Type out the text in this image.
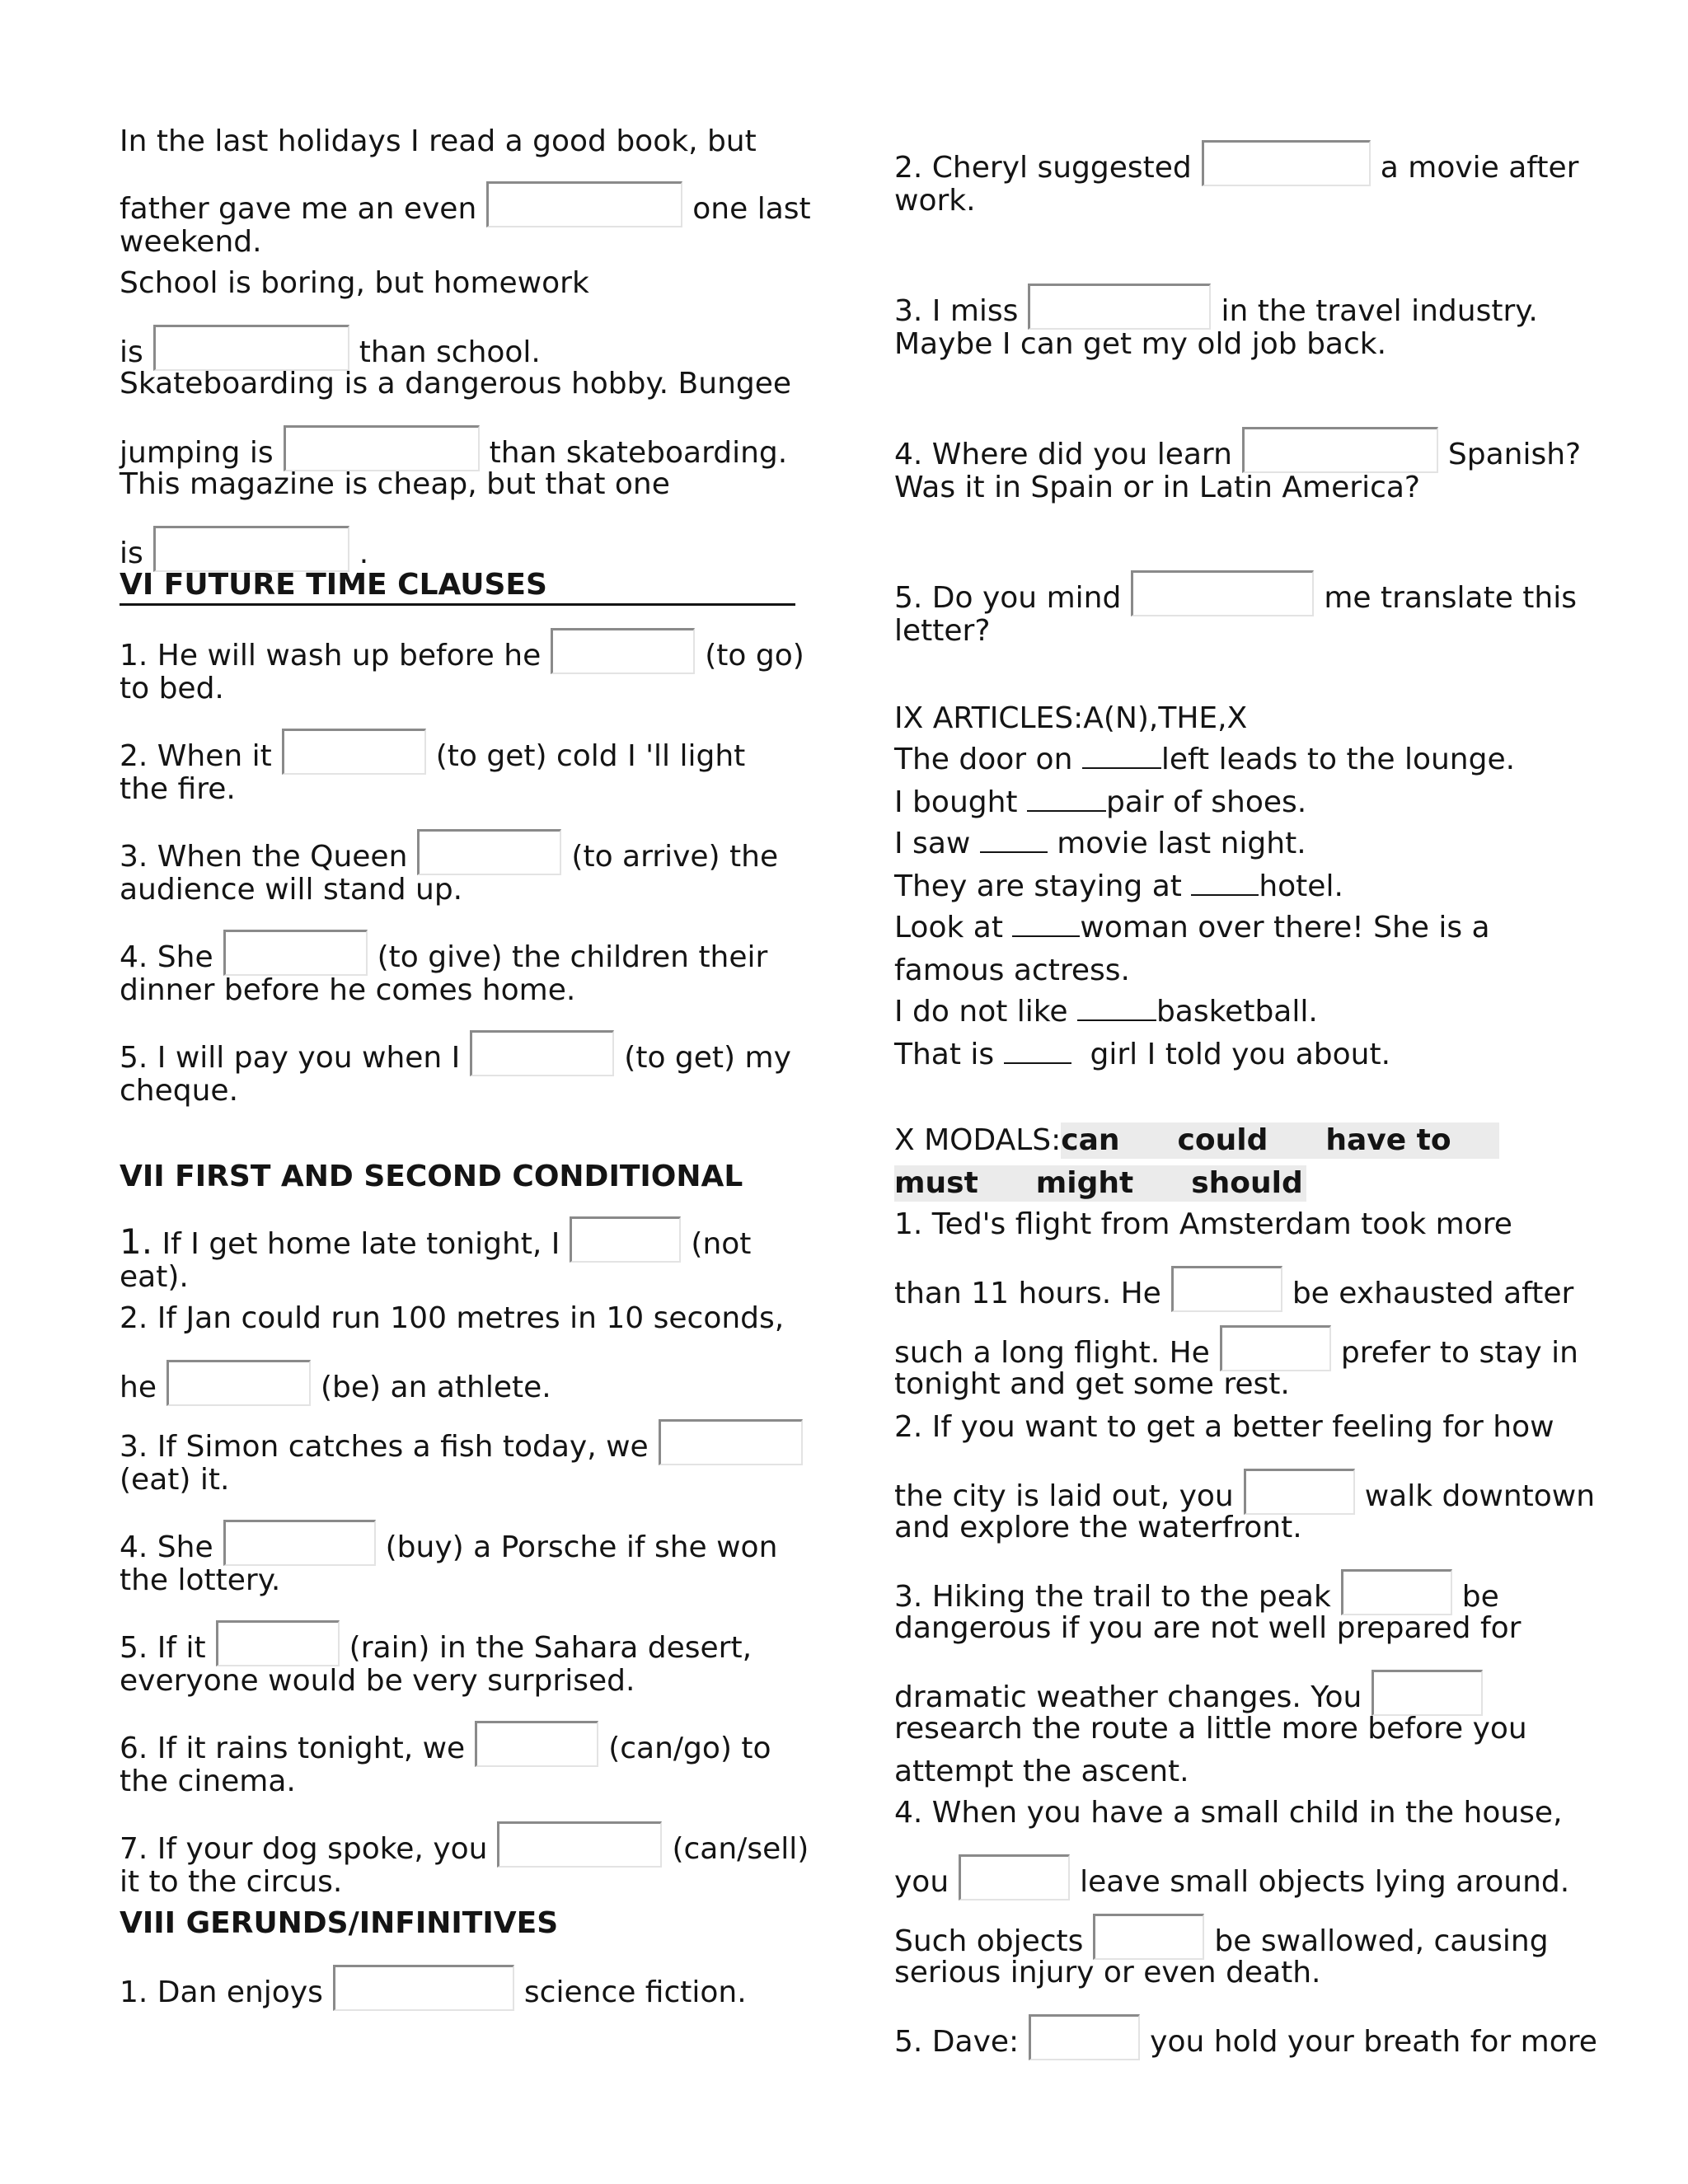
In the last holidays I read a good book, but
father gave me an even	one last
weekend.
School is boring, but homework
is	than school.
Skateboarding is a dangerous hobby. Bungee
jumping is	than skateboarding.
This magazine is cheap, but that one
is	.
VI FUTURE TIME CLAUSES
1. He will wash up before he	(to go)
to bed.
2. When it	(to get) cold I 'll light
the fire.
3. When the Queen	(to arrive) the
audience will stand up.
4. She	(to give) the children their
dinner before he comes home.
5. I will pay you when I	(to get) my
cheque.
VII FIRST AND SECOND CONDITIONAL
1. If I get home late tonight, I	(not
eat).
2. If Jan could run 100 metres in 10 seconds,
he	(be) an athlete.
3. If Simon catches a fish today, we
(eat) it.
4. She	(buy) a Porsche if she won
the lottery.
5. If it	(rain) in the Sahara desert,
everyone would be very surprised.
6. If it rains tonight, we	(can/go) to
the cinema.
7. If your dog spoke, you	(can/sell)
it to the circus.
VIII GERUNDS/INFINITIVES
1. Dan enjoys	science fiction.
2. Cheryl suggested	a movie after
work.
3. I miss	in the travel industry.
Maybe I can get my old job back.
4. Where did you learn	Spanish?
Was it in Spain or in Latin America?
5. Do you mind	me translate this
letter?
IX ARTICLES:A(N),THE,X
The door on	left leads to the lounge.
I bought	pair of shoes.
I saw	movie last night.
They are staying at	hotel.
Look at	woman over there! She is a
famous actress.
I do not like	basketball.
That is	girl I told you about.
X MODALS:can could have to
must might should
1. Ted's flight from Amsterdam took more
than 11 hours. He	be exhausted after
such a long flight. He	prefer to stay in
tonight and get some rest.
2. If you want to get a better feeling for how
the city is laid out, you	walk downtown
and explore the waterfront.
3. Hiking the trail to the peak	be
dangerous if you are not well prepared for
dramatic weather changes. You
research the route a little more before you
attempt the ascent.
4. When you have a small child in the house,
you	leave small objects lying around.
Such objects	be swallowed, causing
serious injury or even death.
5. Dave:	you hold your breath for more
